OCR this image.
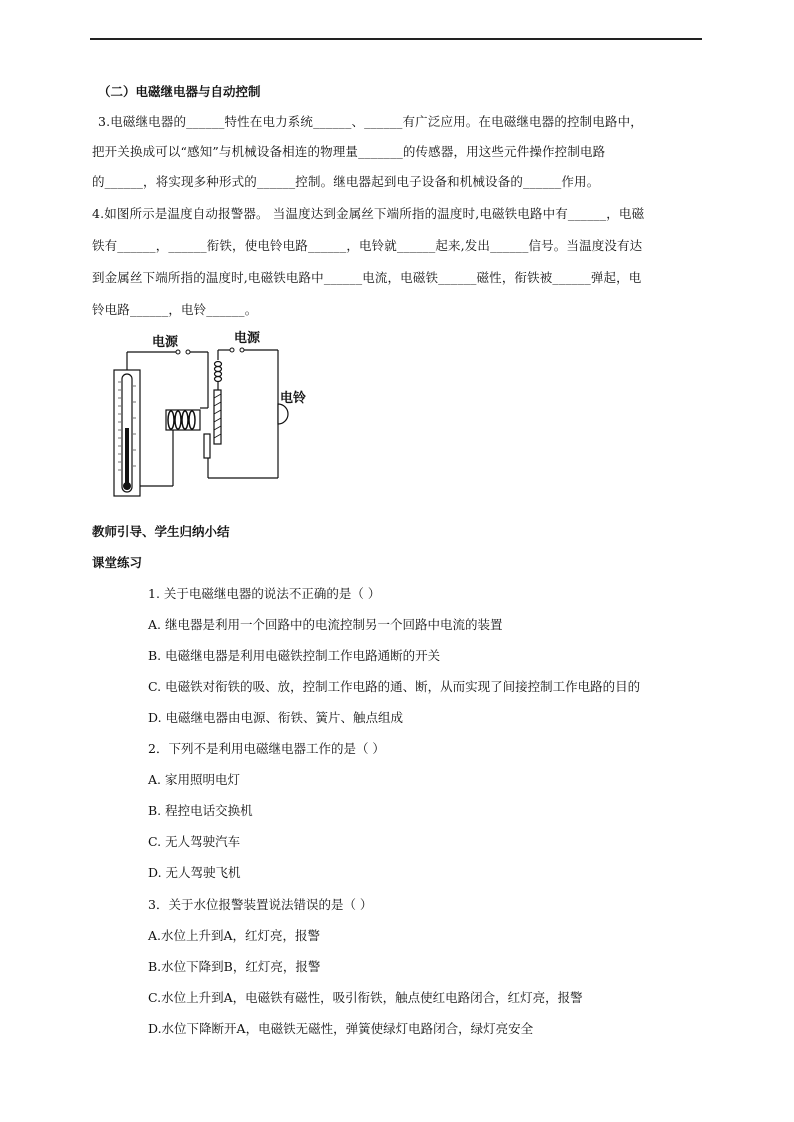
（二）电磁继电器与自动控制
3.电磁继电器的______特性在电力系统______、______有广泛应用。在电磁继电器的控制电路中，
把开关换成可以“感知”与机械设备相连的物理量_______的传感器，用这些元件操作控制电路
的______，将实现多种形式的______控制。继电器起到电子设备和机械设备的______作用。
4.如图所示是温度自动报警器。 当温度达到金属丝下端所指的温度时,电磁铁电路中有______，电磁
铁有______，______衔铁，使电铃电路______，电铃就______起来,发出______信号。当温度没有达
到金属丝下端所指的温度时,电磁铁电路中______电流，电磁铁______磁性，衔铁被______弹起，电
铃电路______，电铃______。
电源	电源
电铃
教师引导、学生归纳小结
课堂练习
1. 关于电磁继电器的说法不正确的是（ ）
A. 继电器是利用一个回路中的电流控制另一个回路中电流的装置
B. 电磁继电器是利用电磁铁控制工作电路通断的开关
C. 电磁铁对衔铁的吸、放，控制工作电路的通、断，从而实现了间接控制工作电路的目的
D. 电磁继电器由电源、衔铁、簧片、触点组成
2．下列不是利用电磁继电器工作的是（ ）
A. 家用照明电灯
B. 程控电话交换机
C. 无人驾驶汽车
D. 无人驾驶飞机
3．关于水位报警装置说法错误的是（ ）
A.水位上升到A，红灯亮，报警
B.水位下降到B，红灯亮，报警
C.水位上升到A，电磁铁有磁性，吸引衔铁，触点使红电路闭合，红灯亮，报警
D.水位下降断开A，电磁铁无磁性，弹簧使绿灯电路闭合，绿灯亮安全
